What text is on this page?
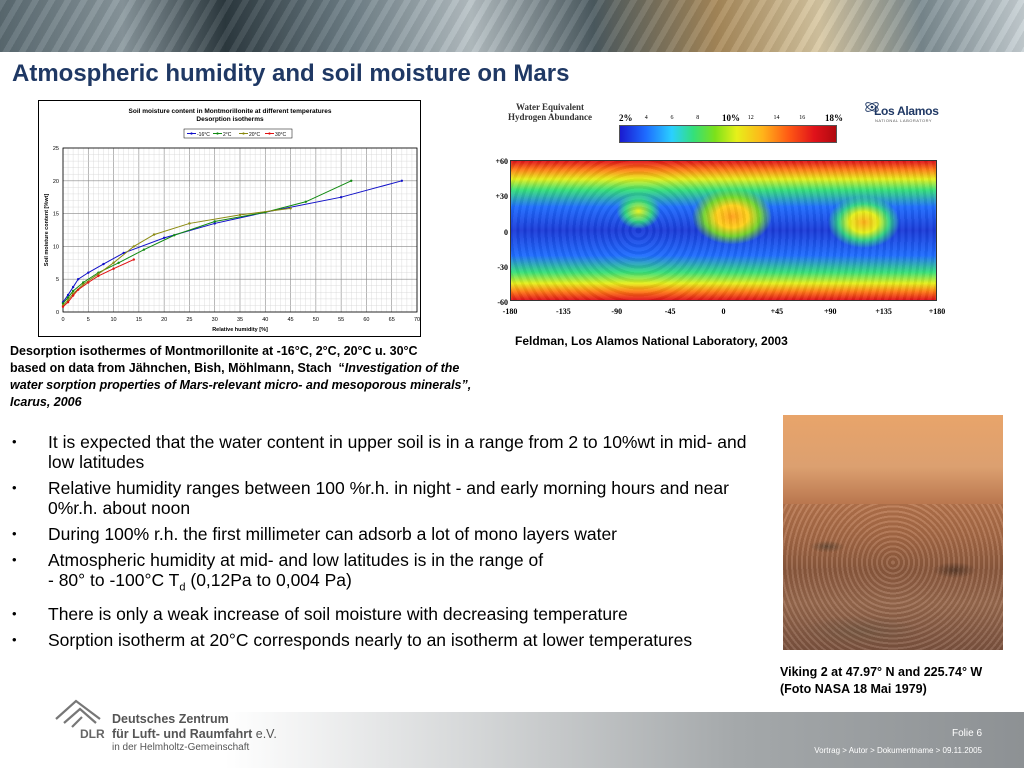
Atmospheric humidity and soil moisture on Mars
Soil moisture content in Montmorillonite at different temperatures
Desorption isotherms
-16°C	2°C	20°C	30°C
0	5	10	15	20	25	30	35	40	45	50	55	60	65	70
0
5
10
15
20
25
Relative humidity [%]
Soil moisture content [%wt]
Water Equivalent
Hydrogen Abundance	2% 4	6	8	10% 12	14	16 18%
+60
+30
0
-30
-60
-180	-135	-90	-45	0	+45	+90	+135	+180
Los Alamos
NATIONAL LABORATORY
Feldman, Los Alamos National Laboratory, 2003
Desorption isothermes of Montmorillonite at -16°C, 2°C, 20°C u. 30°C
based on data from Jähnchen, Bish, Möhlmann, Stach “Investigation of the water sorption properties of Mars-relevant micro- and mesoporous minerals”, Icarus, 2006
• It is expected that the water content in upper soil is in a range from 2 to 10%wt in mid- and low latitudes
• Relative humidity ranges between 100 %r.h. in night - and early morning hours and near 0%r.h. about noon
• During 100% r.h. the first millimeter can adsorb a lot of mono layers water
• Atmospheric humidity at mid- and low latitudes is in the range of
- 80° to -100°C $T_d$ (0,12Pa to 0,004 Pa)
• There is only a weak increase of soil moisture with decreasing temperature
• Sorption isotherm at 20°C corresponds nearly to an isotherm at lower temperatures
Viking 2 at 47.97° N and 225.74° W
(Foto NASA 18 Mai 1979)
DLR
Deutsches Zentrum
für Luft- und Raumfahrt e.V.
in der Helmholtz-Gemeinschaft
Folie 6
Vortrag > Autor > Dokumentname > 09.11.2005
